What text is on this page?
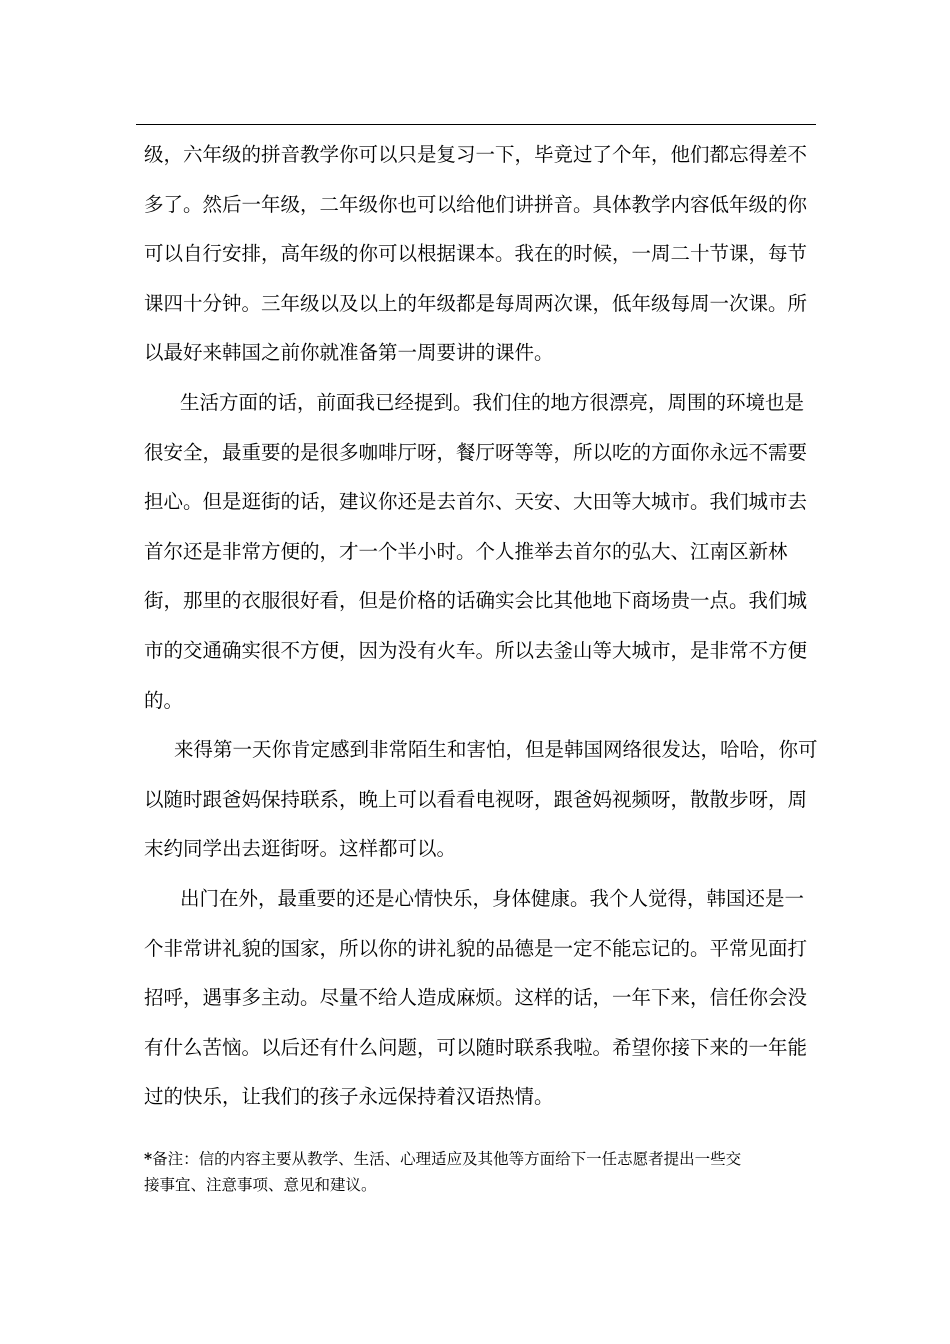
级，六年级的拼音教学你可以只是复习一下，毕竟过了个年，他们都忘得差不
多了。然后一年级，二年级你也可以给他们讲拼音。具体教学内容低年级的你
可以自行安排，高年级的你可以根据课本。我在的时候，一周二十节课，每节
课四十分钟。三年级以及以上的年级都是每周两次课，低年级每周一次课。所
以最好来韩国之前你就准备第一周要讲的课件。
生活方面的话，前面我已经提到。我们住的地方很漂亮，周围的环境也是
很安全，最重要的是很多咖啡厅呀，餐厅呀等等，所以吃的方面你永远不需要
担心。但是逛街的话，建议你还是去首尔、天安、大田等大城市。我们城市去
首尔还是非常方便的，才一个半小时。个人推举去首尔的弘大、江南区新林
街，那里的衣服很好看，但是价格的话确实会比其他地下商场贵一点。我们城
市的交通确实很不方便，因为没有火车。所以去釜山等大城市，是非常不方便
的。
来得第一天你肯定感到非常陌生和害怕，但是韩国网络很发达，哈哈，你可
以随时跟爸妈保持联系，晚上可以看看电视呀，跟爸妈视频呀，散散步呀，周
末约同学出去逛街呀。这样都可以。
出门在外，最重要的还是心情快乐，身体健康。我个人觉得，韩国还是一
个非常讲礼貌的国家，所以你的讲礼貌的品德是一定不能忘记的。平常见面打
招呼，遇事多主动。尽量不给人造成麻烦。这样的话，一年下来，信任你会没
有什么苦恼。以后还有什么问题，可以随时联系我啦。希望你接下来的一年能
过的快乐，让我们的孩子永远保持着汉语热情。
*备注：信的内容主要从教学、生活、心理适应及其他等方面给下一任志愿者提出一些交
接事宜、注意事项、意见和建议。
